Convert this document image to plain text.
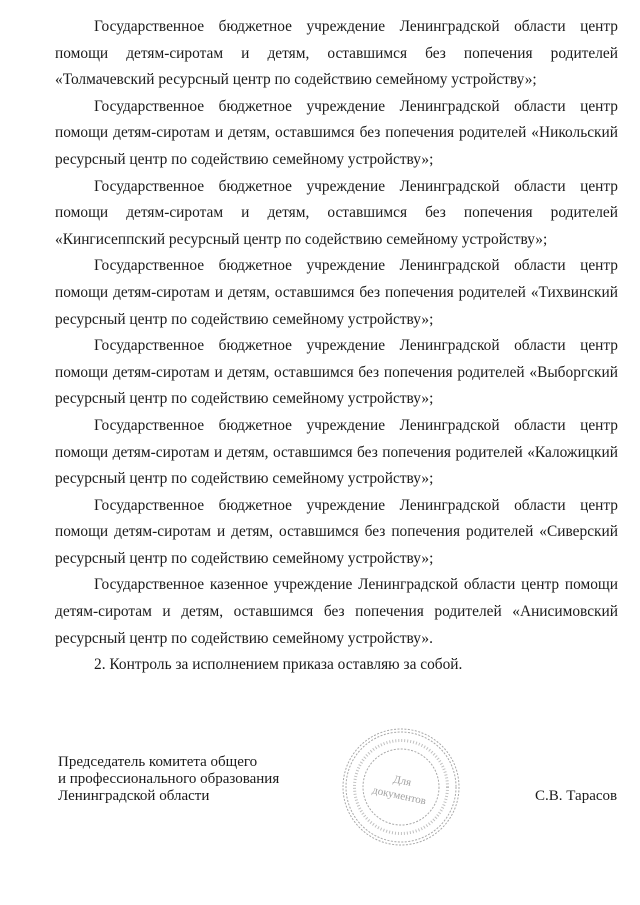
Государственное бюджетное учреждение Ленинградской области центр помощи детям-сиротам и детям, оставшимся без попечения родителей «Толмачевский ресурсный центр по содействию семейному устройству»;

Государственное бюджетное учреждение Ленинградской области центр помощи детям-сиротам и детям, оставшимся без попечения родителей «Никольский ресурсный центр по содействию семейному устройству»;

Государственное бюджетное учреждение Ленинградской области центр помощи детям-сиротам и детям, оставшимся без попечения родителей «Кингисеппский ресурсный центр по содействию семейному устройству»;

Государственное бюджетное учреждение Ленинградской области центр помощи детям-сиротам и детям, оставшимся без попечения родителей «Тихвинский ресурсный центр по содействию семейному устройству»;

Государственное бюджетное учреждение Ленинградской области центр помощи детям-сиротам и детям, оставшимся без попечения родителей «Выборгский ресурсный центр по содействию семейному устройству»;

Государственное бюджетное учреждение Ленинградской области центр помощи детям-сиротам и детям, оставшимся без попечения родителей «Каложицкий ресурсный центр по содействию семейному устройству»;

Государственное бюджетное учреждение Ленинградской области центр помощи детям-сиротам и детям, оставшимся без попечения родителей «Сиверский ресурсный центр по содействию семейному устройству»;

Государственное казенное учреждение Ленинградской области центр помощи детям-сиротам и детям, оставшимся без попечения родителей «Анисимовский ресурсный центр по содействию семейному устройству».

2. Контроль за исполнением приказа оставляю за собой.

Председатель комитета общего
и профессионального образования
Ленинградской области
Для
документов	С.В. Тарасов
